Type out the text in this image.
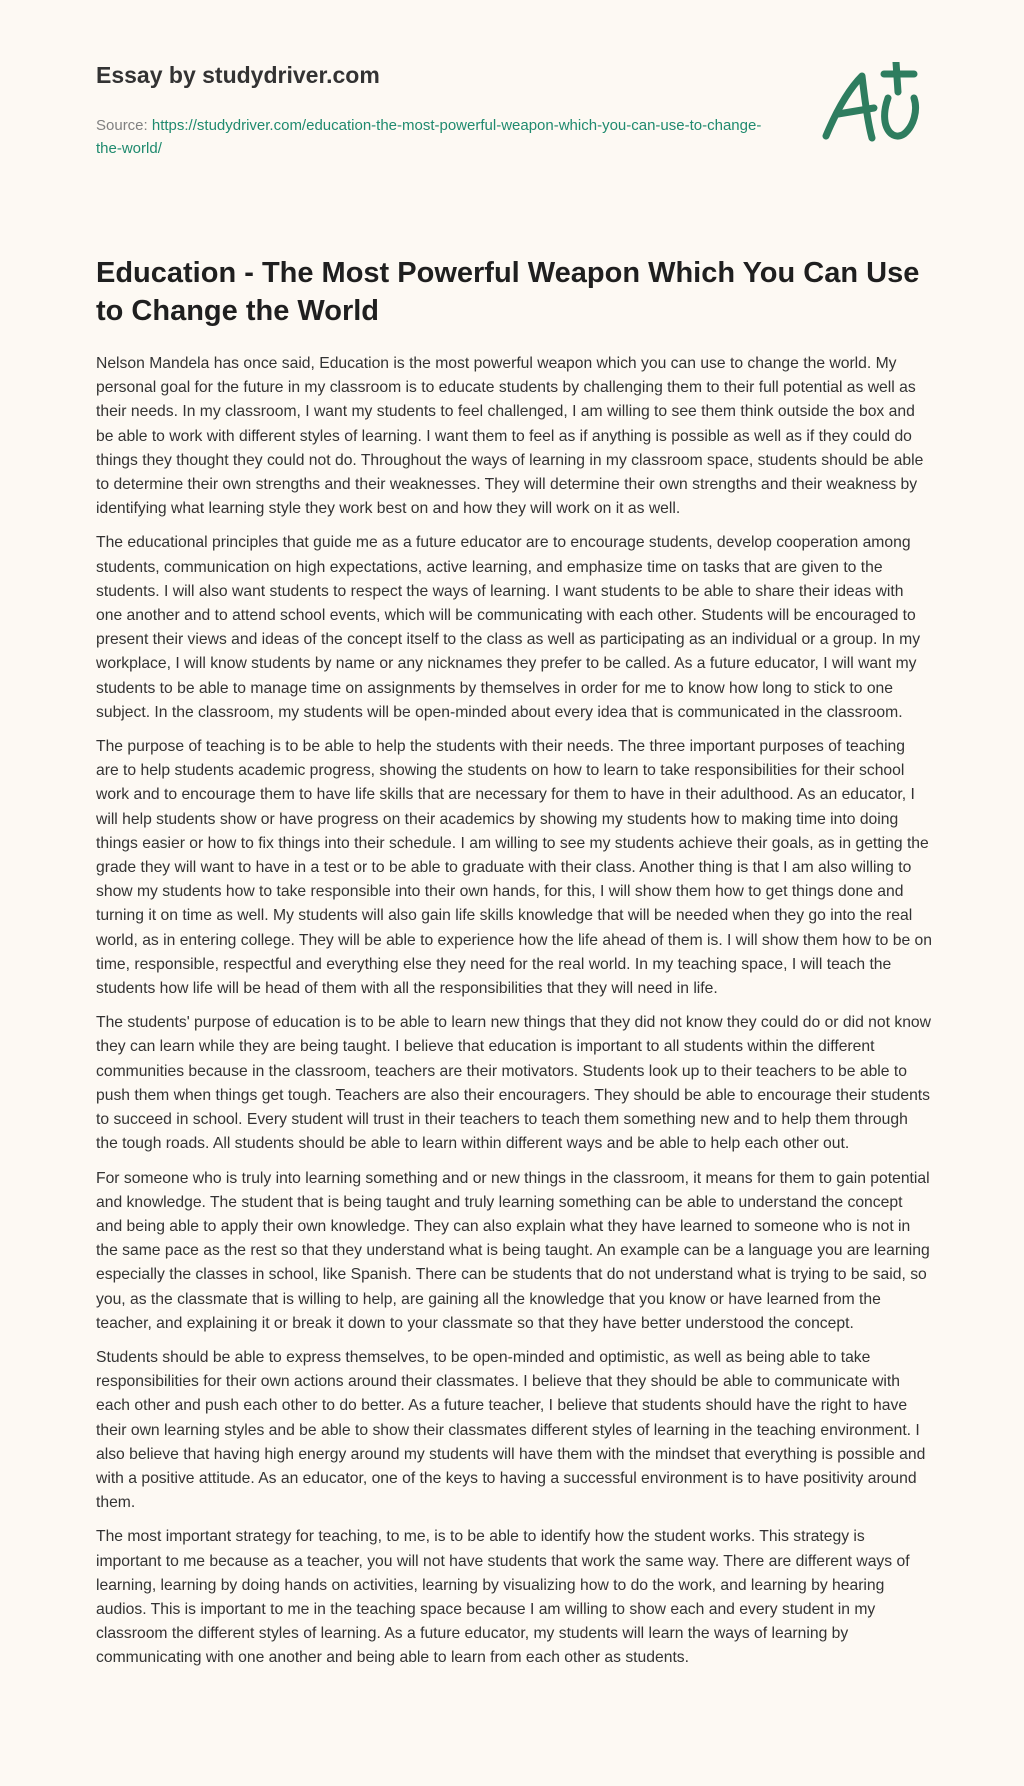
Essay by studydriver.com
Source: https://studydriver.com/education-the-most-powerful-weapon-which-you-can-use-to-change-the-world/
Education - The Most Powerful Weapon Which You Can Use to Change the World

Nelson Mandela has once said, Education is the most powerful weapon which you can use to change the world. My personal goal for the future in my classroom is to educate students by challenging them to their full potential as well as their needs. In my classroom, I want my students to feel challenged, I am willing to see them think outside the box and be able to work with different styles of learning. I want them to feel as if anything is possible as well as if they could do things they thought they could not do. Throughout the ways of learning in my classroom space, students should be able to determine their own strengths and their weaknesses. They will determine their own strengths and their weakness by identifying what learning style they work best on and how they will work on it as well.

The educational principles that guide me as a future educator are to encourage students, develop cooperation among students, communication on high expectations, active learning, and emphasize time on tasks that are given to the students. I will also want students to respect the ways of learning. I want students to be able to share their ideas with one another and to attend school events, which will be communicating with each other. Students will be encouraged to present their views and ideas of the concept itself to the class as well as participating as an individual or a group. In my workplace, I will know students by name or any nicknames they prefer to be called. As a future educator, I will want my students to be able to manage time on assignments by themselves in order for me to know how long to stick to one subject. In the classroom, my students will be open-minded about every idea that is communicated in the classroom.

The purpose of teaching is to be able to help the students with their needs. The three important purposes of teaching are to help students academic progress, showing the students on how to learn to take responsibilities for their school work and to encourage them to have life skills that are necessary for them to have in their adulthood. As an educator, I will help students show or have progress on their academics by showing my students how to making time into doing things easier or how to fix things into their schedule. I am willing to see my students achieve their goals, as in getting the grade they will want to have in a test or to be able to graduate with their class. Another thing is that I am also willing to show my students how to take responsible into their own hands, for this, I will show them how to get things done and turning it on time as well. My students will also gain life skills knowledge that will be needed when they go into the real world, as in entering college. They will be able to experience how the life ahead of them is. I will show them how to be on time, responsible, respectful and everything else they need for the real world. In my teaching space, I will teach the students how life will be head of them with all the responsibilities that they will need in life.

The students' purpose of education is to be able to learn new things that they did not know they could do or did not know they can learn while they are being taught. I believe that education is important to all students within the different communities because in the classroom, teachers are their motivators. Students look up to their teachers to be able to push them when things get tough. Teachers are also their encouragers. They should be able to encourage their students to succeed in school. Every student will trust in their teachers to teach them something new and to help them through the tough roads. All students should be able to learn within different ways and be able to help each other out.

For someone who is truly into learning something and or new things in the classroom, it means for them to gain potential and knowledge. The student that is being taught and truly learning something can be able to understand the concept and being able to apply their own knowledge. They can also explain what they have learned to someone who is not in the same pace as the rest so that they understand what is being taught. An example can be a language you are learning especially the classes in school, like Spanish. There can be students that do not understand what is trying to be said, so you, as the classmate that is willing to help, are gaining all the knowledge that you know or have learned from the teacher, and explaining it or break it down to your classmate so that they have better understood the concept.

Students should be able to express themselves, to be open-minded and optimistic, as well as being able to take responsibilities for their own actions around their classmates. I believe that they should be able to communicate with each other and push each other to do better. As a future teacher, I believe that students should have the right to have their own learning styles and be able to show their classmates different styles of learning in the teaching environment. I also believe that having high energy around my students will have them with the mindset that everything is possible and with a positive attitude. As an educator, one of the keys to having a successful environment is to have positivity around them.

The most important strategy for teaching, to me, is to be able to identify how the student works. This strategy is important to me because as a teacher, you will not have students that work the same way. There are different ways of learning, learning by doing hands on activities, learning by visualizing how to do the work, and learning by hearing audios. This is important to me in the teaching space because I am willing to show each and every student in my classroom the different styles of learning. As a future educator, my students will learn the ways of learning by communicating with one another and being able to learn from each other as students.
